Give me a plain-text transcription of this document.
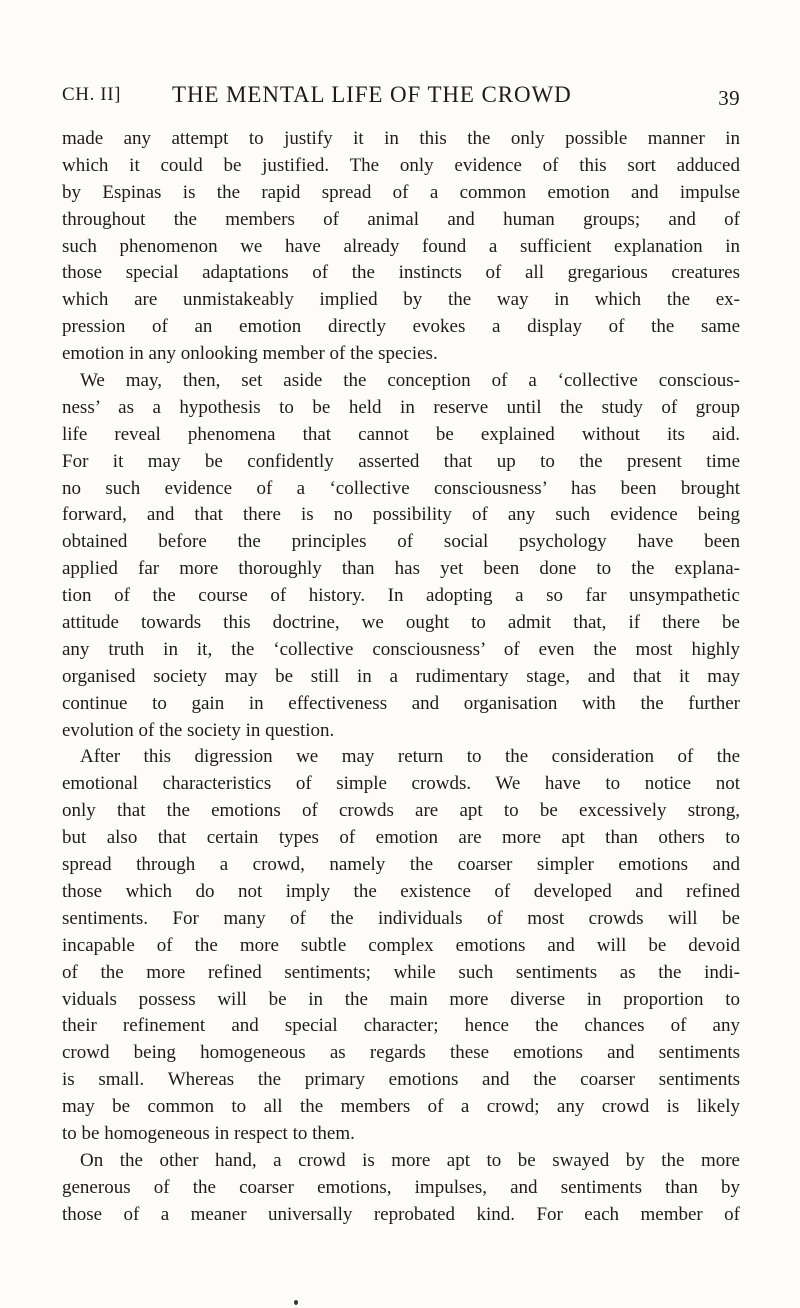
CH. II] THE MENTAL LIFE OF THE CROWD	39
made any attempt to justify it in this the only possible manner in
which it could be justified. The only evidence of this sort adduced
by Espinas is the rapid spread of a common emotion and impulse
throughout the members of animal and human groups; and of
such phenomenon we have already found a sufficient explanation in
those special adaptations of the instincts of all gregarious creatures
which are unmistakeably implied by the way in which the ex-
pression of an emotion directly evokes a display of the same
emotion in any onlooking member of the species.
We may, then, set aside the conception of a ‘collective conscious-
ness’ as a hypothesis to be held in reserve until the study of group
life reveal phenomena that cannot be explained without its aid.
For it may be confidently asserted that up to the present time
no such evidence of a ‘collective consciousness’ has been brought
forward, and that there is no possibility of any such evidence being
obtained before the principles of social psychology have been
applied far more thoroughly than has yet been done to the explana-
tion of the course of history. In adopting a so far unsympathetic
attitude towards this doctrine, we ought to admit that, if there be
any truth in it, the ‘collective consciousness’ of even the most highly
organised society may be still in a rudimentary stage, and that it may
continue to gain in effectiveness and organisation with the further
evolution of the society in question.
After this digression we may return to the consideration of the
emotional characteristics of simple crowds. We have to notice not
only that the emotions of crowds are apt to be excessively strong,
but also that certain types of emotion are more apt than others to
spread through a crowd, namely the coarser simpler emotions and
those which do not imply the existence of developed and refined
sentiments. For many of the individuals of most crowds will be
incapable of the more subtle complex emotions and will be devoid
of the more refined sentiments; while such sentiments as the indi-
viduals possess will be in the main more diverse in proportion to
their refinement and special character; hence the chances of any
crowd being homogeneous as regards these emotions and sentiments
is small. Whereas the primary emotions and the coarser sentiments
may be common to all the members of a crowd; any crowd is likely
to be homogeneous in respect to them.
On the other hand, a crowd is more apt to be swayed by the more
generous of the coarser emotions, impulses, and sentiments than by
those of a meaner universally reprobated kind. For each member of
